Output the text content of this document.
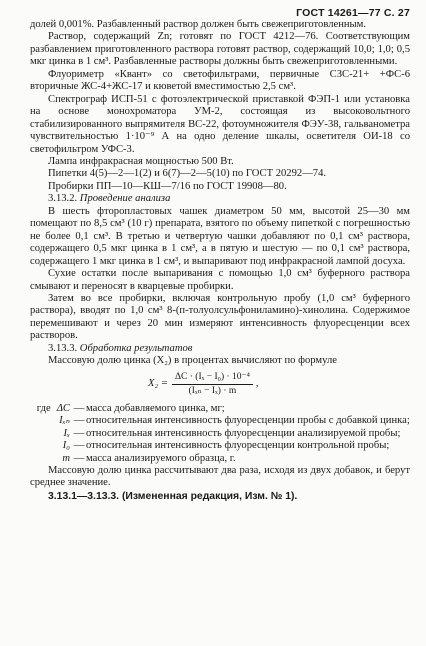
ГОСТ 14261—77 С. 27

долей 0,001%. Разбавленный раствор должен быть свежеприготовленным.

Раствор, содержащий Zn; готовят по ГОСТ 4212—76. Соответствующим разбавлением приготовленного раствора готовят раствор, содержащий 10,0; 1,0; 0,5 мкг цинка в 1 см³. Разбавленные растворы должны быть свежеприготовленными.

Флуориметр «Квант» со светофильтрами, первичные СЗС-21+ +ФС-6 вторичные ЖС-4+ЖС-17 и кюветой вместимостью 2,5 см³.

Спектрограф ИСП-51 с фотоэлектрической приставкой ФЭП-1 или установка на основе монохроматора УМ-2, состоящая из высоковольтного стабилизированного выпрямителя ВС-22, фотоумножителя ФЭУ-38, гальванометра чувствительностью 1·10⁻⁹ А на одно деление шкалы, осветителя ОИ-18 со светофильтром УФС-3.

Лампа инфракрасная мощностью 500 Вт.

Пипетки 4(5)—2—1(2) и 6(7)—2—5(10) по ГОСТ 20292—74.

Пробирки ПП—10—КШ—7/16 по ГОСТ 19908—80.

3.13.2. Проведение анализа

В шесть фторопластовых чашек диаметром 50 мм, высотой 25—30 мм помещают по 8,5 см³ (10 г) препарата, взятого по объему пипеткой с погрешностью не более 0,1 см³. В третью и четвертую чашки добавляют по 0,1 см³ раствора, содержащего 0,5 мкг цинка в 1 см³, а в пятую и шестую — по 0,1 см³ раствора, содержащего 1 мкг цинка в 1 см³, и выпаривают под инфракрасной лампой досуха.

Сухие остатки после выпаривания с помощью 1,0 см³ буферного раствора смывают и переносят в кварцевые пробирки.

Затем во все пробирки, включая контрольную пробу (1,0 см³ буферного раствора), вводят по 1,0 см³ 8-(п-толуолсульфониламино)-хинолина. Содержимое перемешивают и через 20 мин измеряют интенсивность флуоресценции всех растворов.

3.13.3. Обработка результатов

Массовую долю цинка (X₂) в процентах вычисляют по формуле

$X_2 = \frac{\text{ΔC · (Iₓ − I₀) · 10⁻⁴}}{\text{(Iₓₙ − Iₓ) · m}}$ ,
где ΔC — масса добавляемого цинка, мг;
Iₓₙ — относительная интенсивность флуоресценции пробы с добавкой цинка;
Iₓ — относительная интенсивность флуоресценции анализируемой пробы;
I₀ — относительная интенсивность флуоресценции контрольной пробы;
m — масса анализируемого образца, г.

Массовую долю цинка рассчитывают два раза, исходя из двух добавок, и берут среднее значение.

3.13.1—3.13.3. (Измененная редакция, Изм. № 1).
